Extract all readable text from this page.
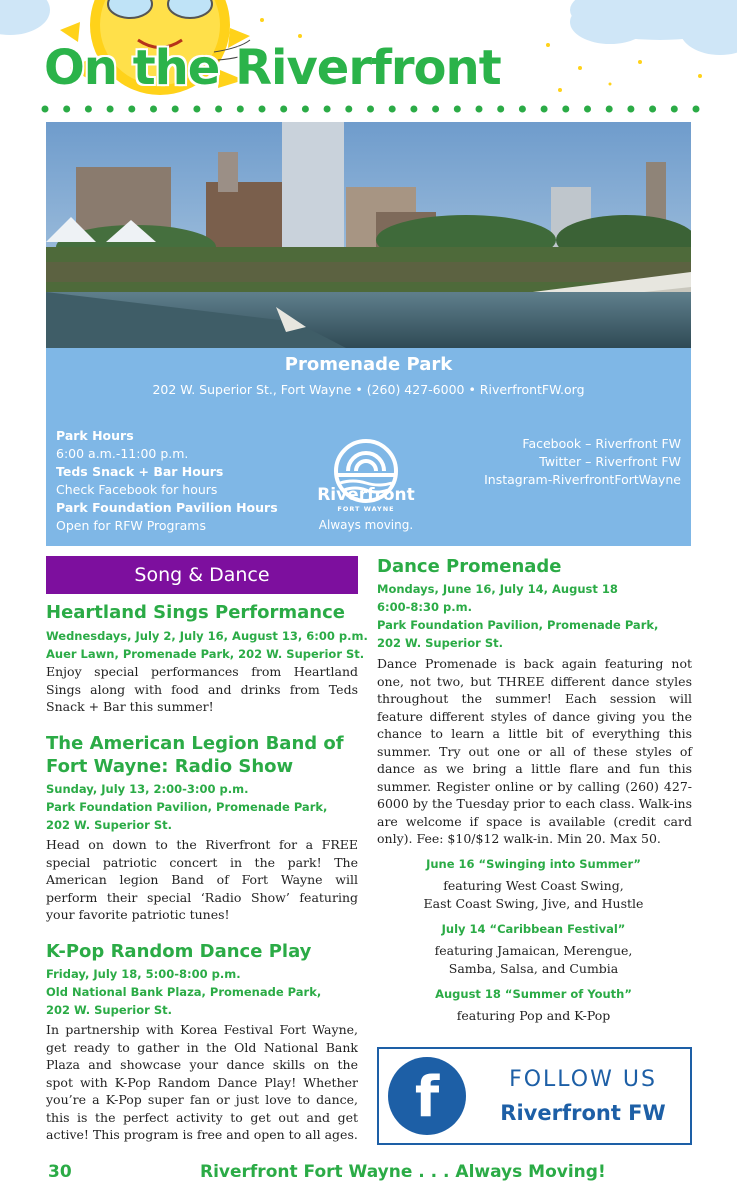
On the Riverfront
Promenade Park
202 W. Superior St., Fort Wayne • (260) 427-6000 • RiverfrontFW.org
Park Hours
6:00 a.m.-11:00 p.m.
Teds Snack + Bar Hours
Check Facebook for hours
Park Foundation Pavilion Hours
Open for RFW Programs
Facebook – Riverfront FW
Twitter – Riverfront FW
Instagram-RiverfrontFortWayne
Riverfront
FORT WAYNE
Always moving.
Song & Dance
Heartland Sings Performance
Wednesdays, July 2, July 16, August 13, 6:00 p.m.
Auer Lawn, Promenade Park, 202 W. Superior St.
Enjoy special performances from Heartland Sings along with food and drinks from Teds Snack + Bar this summer!
The American Legion Band of Fort Wayne: Radio Show
Sunday, July 13, 2:00-3:00 p.m.
Park Foundation Pavilion, Promenade Park,
202 W. Superior St.
Head on down to the Riverfront for a FREE special patriotic concert in the park! The American legion Band of Fort Wayne will perform their special ‘Radio Show’ featuring your favorite patriotic tunes!
K-Pop Random Dance Play
Friday, July 18, 5:00-8:00 p.m.
Old National Bank Plaza, Promenade Park,
202 W. Superior St.
In partnership with Korea Festival Fort Wayne, get ready to gather in the Old National Bank Plaza and showcase your dance skills on the spot with K-Pop Random Dance Play! Whether you’re a K-Pop super fan or just love to dance, this is the perfect activity to get out and get active! This program is free and open to all ages.
Dance Promenade
Mondays, June 16, July 14, August 18
6:00-8:30 p.m.
Park Foundation Pavilion, Promenade Park,
202 W. Superior St.
Dance Promenade is back again featuring not one, not two, but THREE different dance styles throughout the summer! Each session will feature different styles of dance giving you the chance to learn a little bit of everything this summer. Try out one or all of these styles of dance as we bring a little flare and fun this summer. Register online or by calling (260) 427-6000 by the Tuesday prior to each class. Walk-ins are welcome if space is available (credit card only). Fee: $10/$12 walk-in. Min 20. Max 50.
June 16 “Swinging into Summer”
featuring West Coast Swing,
East Coast Swing, Jive, and Hustle
July 14 “Caribbean Festival”
featuring Jamaican, Merengue,
Samba, Salsa, and Cumbia
August 18 “Summer of Youth”
featuring Pop and K-Pop
f	FOLLOW US
Riverfront FW
30	Riverfront Fort Wayne . . . Always Moving!
